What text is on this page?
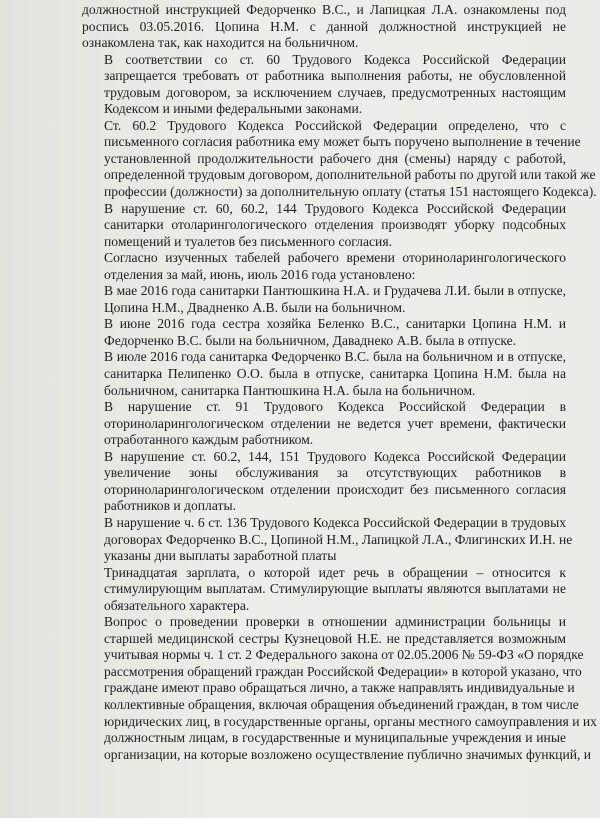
должностной инструкцией Федорченко В.С., и Лапицкая Л.А. ознакомлены под
роспись 03.05.2016. Цопина Н.М. с данной должностной инструкцией не
ознакомлена так, как находится на больничном.

В соответствии со ст. 60 Трудового Кодекса Российской Федерации
запрещается требовать от работника выполнения работы, не обусловленной
трудовым договором, за исключением случаев, предусмотренных настоящим
Кодексом и иными федеральными законами.

Ст. 60.2 Трудового Кодекса Российской Федерации определено, что с
письменного согласия работника ему может быть поручено выполнение в течение
установленной продолжительности рабочего дня (смены) наряду с работой,
определенной трудовым договором, дополнительной работы по другой или такой же
профессии (должности) за дополнительную оплату (статья 151 настоящего Кодекса).

В нарушение ст. 60, 60.2, 144 Трудового Кодекса Российской Федерации
санитарки отоларингологического отделения производят уборку подсобных
помещений и туалетов без письменного согласия.

Согласно изученных табелей рабочего времени оториноларингологического
отделения за май, июнь, июль 2016 года установлено:

В мае 2016 года санитарки Пантюшкина Н.А. и Грудачева Л.И. были в отпуске,
Цопина Н.М., Двадненко А.В. были на больничном.

В июне 2016 года сестра хозяйка Беленко В.С., санитарки Цопина Н.М. и
Федорченко В.С. были на больничном, Даваднеко А.В. была в отпуске.

В июле 2016 года санитарка Федорченко В.С. была на больничном и в отпуске,
санитарка Пелипенко О.О. была в отпуске, санитарка Цопина Н.М. была на
больничном, санитарка Пантюшкина Н.А. была на больничном.

В нарушение ст. 91 Трудового Кодекса Российской Федерации в
оториноларингологическом отделении не ведется учет времени, фактически
отработанного каждым работником.

В нарушение ст. 60.2, 144, 151 Трудового Кодекса Российской Федерации
увеличение зоны обслуживания за отсутствующих работников в
оториноларингологическом отделении происходит без письменного согласия
работников и доплаты.

В нарушение ч. 6 ст. 136 Трудового Кодекса Российской Федерации в трудовых
договорах Федорченко В.С., Цопиной Н.М., Лапицкой Л.А., Флигинских И.Н. не
указаны дни выплаты заработной платы

Тринадцатая зарплата, о которой идет речь в обращении – относится к
стимулирующим выплатам. Стимулирующие выплаты являются выплатами не
обязательного характера.

Вопрос о проведении проверки в отношении администрации больницы и
старшей медицинской сестры Кузнецовой Н.Е. не представляется возможным
учитывая нормы ч. 1 ст. 2 Федерального закона от 02.05.2006 № 59-ФЗ «О порядке
рассмотрения обращений граждан Российской Федерации» в которой указано, что
граждане имеют право обращаться лично, а также направлять индивидуальные и
коллективные обращения, включая обращения объединений граждан, в том числе
юридических лиц, в государственные органы, органы местного самоуправления и их
должностным лицам, в государственные и муниципальные учреждения и иные
организации, на которые возложено осуществление публично значимых функций, и
